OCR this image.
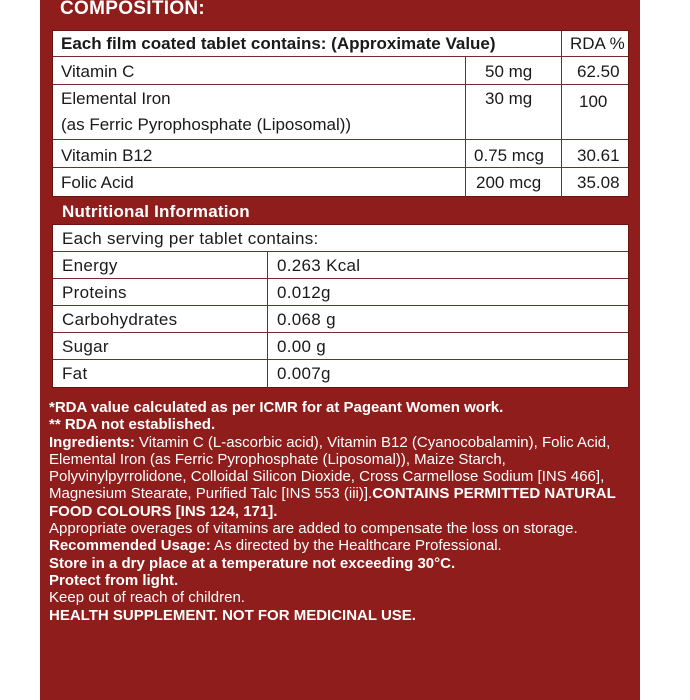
COMPOSITION:
Each film coated tablet contains: (Approximate Value)	RDA %
Vitamin C	50 mg	62.50
Elemental Iron
(as Ferric Pyrophosphate (Liposomal))
30 mg	100
Vitamin B12	0.75 mcg 30.61
Folic Acid	200 mcg 35.08
Nutritional Information
Each serving per tablet contains:
Energy	0.263 Kcal
Proteins	0.012g
Carbohydrates	0.068 g
Sugar	0.00 g
Fat	0.007g

*RDA value calculated as per ICMR for at Pageant Women work.

** RDA not established.

Ingredients: Vitamin C (L-ascorbic acid), Vitamin B12 (Cyanocobalamin), Folic Acid, Elemental Iron (as Ferric Pyrophosphate (Liposomal)), Maize Starch, Polyvinylpyrrolidone, Colloidal Silicon Dioxide, Cross Carmellose Sodium [INS 466], Magnesium Stearate, Purified Talc [INS 553 (iii)].CONTAINS PERMITTED NATURAL FOOD COLOURS [INS 124, 171].

Appropriate overages of vitamins are added to compensate the loss on storage.

Recommended Usage: As directed by the Healthcare Professional.

Store in a dry place at a temperature not exceeding 30°C.

Protect from light.

Keep out of reach of children.

HEALTH SUPPLEMENT. NOT FOR MEDICINAL USE.
